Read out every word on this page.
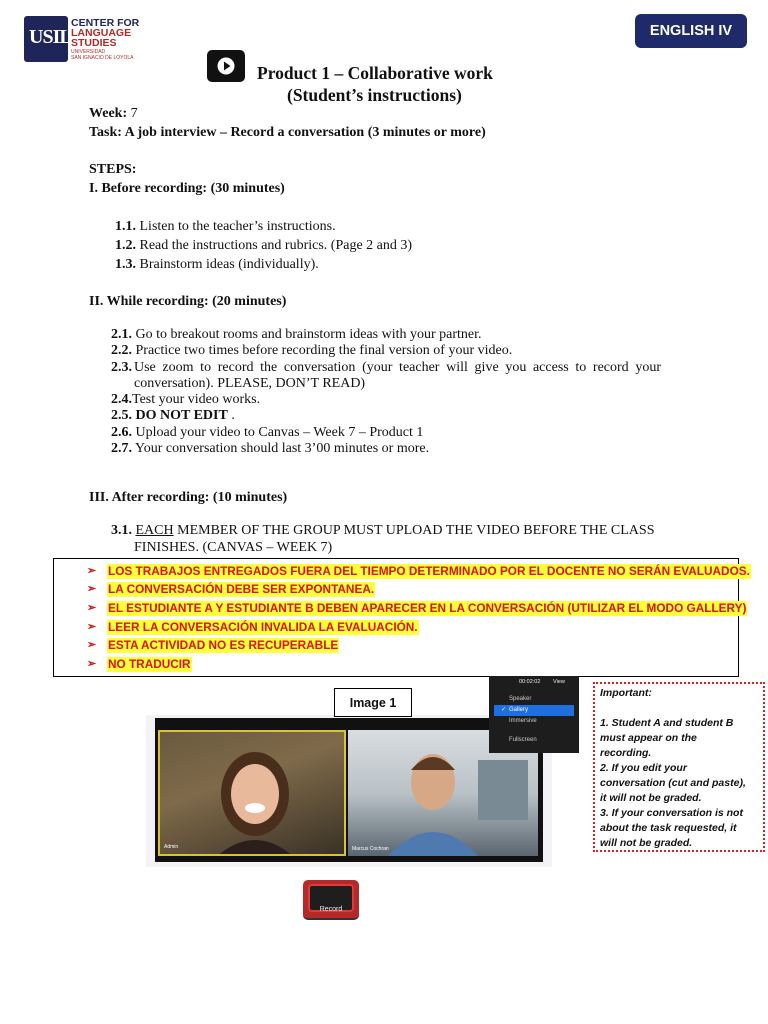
USIL
CENTER FOR
LANGUAGE
STUDIES
UNIVERSIDAD
SAN IGNACIO DE LOYOLA
ENGLISH IV
Product 1 – Collaborative work
(Student’s instructions)
Week: 7
Task: A job interview – Record a conversation (3 minutes or more)
STEPS:
I. Before recording: (30 minutes)
1.1. Listen to the teacher’s instructions.
1.2. Read the instructions and rubrics. (Page 2 and 3)
1.3. Brainstorm ideas (individually).
II. While recording: (20 minutes)
2.1. Go to breakout rooms and brainstorm ideas with your partner.
2.2. Practice two times before recording the final version of your video.
2.3. Use zoom to record the conversation (your teacher will give you access to record your
conversation). PLEASE, DON’T READ)
2.4.Test your video works.
2.5. DO NOT EDIT .
2.6. Upload your video to Canvas – Week 7 – Product 1
2.7. Your conversation should last 3’00 minutes or more.
III. After recording: (10 minutes)
3.1. EACH MEMBER OF THE GROUP MUST UPLOAD THE VIDEO BEFORE THE CLASS
FINISHES. (CANVAS – WEEK 7)
➢ LOS TRABAJOS ENTREGADOS FUERA DEL TIEMPO DETERMINADO POR EL DOCENTE NO SERÁN EVALUADOS.
➢ LA CONVERSACIÓN DEBE SER EXPONTANEA.
➢ EL ESTUDIANTE A Y ESTUDIANTE B DEBEN APARECER EN LA CONVERSACIÓN (UTILIZAR EL MODO GALLERY)
➢ LEER LA CONVERSACIÓN INVALIDA LA EVALUACIÓN.
➢ ESTA ACTIVIDAD NO ES RECUPERABLE
➢ NO TRADUCIR
Admin	Marcus Cochran
Image 1
00:02:02 View
Speaker
✓ Gallery
Immersive
Fullscreen
Important:
1. Student A and student B
must appear on the
recording.
2. If you edit your
conversation (cut and paste),
it will not be graded.
3. If your conversation is not
about the task requested, it
will not be graded.
Record
